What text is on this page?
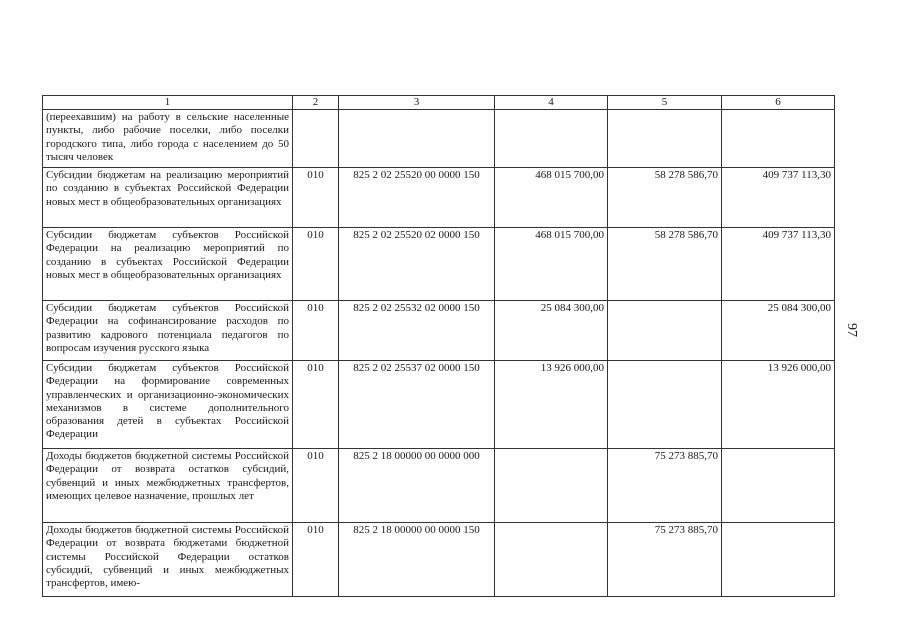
1	2	3	4	5	6
(переехавшим) на работу в сельские населенные пункты, либо рабочие поселки, либо поселки городского типа, либо города с населением до 50 тысяч человек					
Субсидии бюджетам на реализацию мероприятий по созданию в субъектах Российской Федерации новых мест в общеобразовательных организациях	010	825 2 02 25520 00 0000 150	468 015 700,00	58 278 586,70	409 737 113,30
Субсидии бюджетам субъектов Российской Федерации на реализацию мероприятий по созданию в субъектах Российской Федерации новых мест в общеобразовательных организациях	010	825 2 02 25520 02 0000 150	468 015 700,00	58 278 586,70	409 737 113,30
Субсидии бюджетам субъектов Российской Федерации на софинансирование расходов по развитию кадрового потенциала педагогов по вопросам изучения русского языка	010	825 2 02 25532 02 0000 150	25 084 300,00		25 084 300,00
Субсидии бюджетам субъектов Российской Федерации на формирование современных управленческих и организационно-экономических механизмов в системе дополнительного образования детей в субъектах Российской Федерации	010	825 2 02 25537 02 0000 150	13 926 000,00		13 926 000,00
Доходы бюджетов бюджетной системы Российской Федерации от возврата остатков субсидий, субвенций и иных межбюджетных трансфертов, имеющих целевое назначение, прошлых лет	010	825 2 18 00000 00 0000 000		75 273 885,70	
Доходы бюджетов бюджетной системы Российской Федерации от возврата бюджетами бюджетной системы Российской Федерации остатков субсидий, субвенций и иных межбюджетных трансфертов, имею-	010	825 2 18 00000 00 0000 150		75 273 885,70	
97
